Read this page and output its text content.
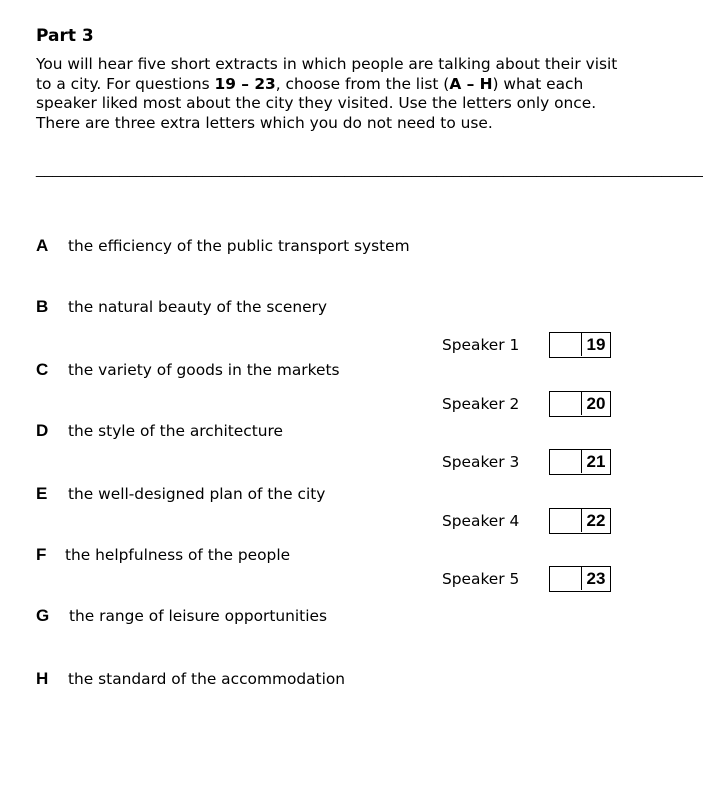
Part 3
You will hear five short extracts in which people are talking about their visit to a city. For questions 19 – 23, choose from the list (A – H) what each speaker liked most about the city they visited. Use the letters only once. There are three extra letters which you do not need to use.
________________________________________________________________________________
A the efficiency of the public transport system
B the natural beauty of the scenery
C the variety of goods in the markets
D the style of the architecture
E the well-designed plan of the city
F the helpfulness of the people
G the range of leisure opportunities
H the standard of the accommodation
Speaker 1	19
Speaker 2	20
Speaker 3	21
Speaker 4	22
Speaker 5	23
